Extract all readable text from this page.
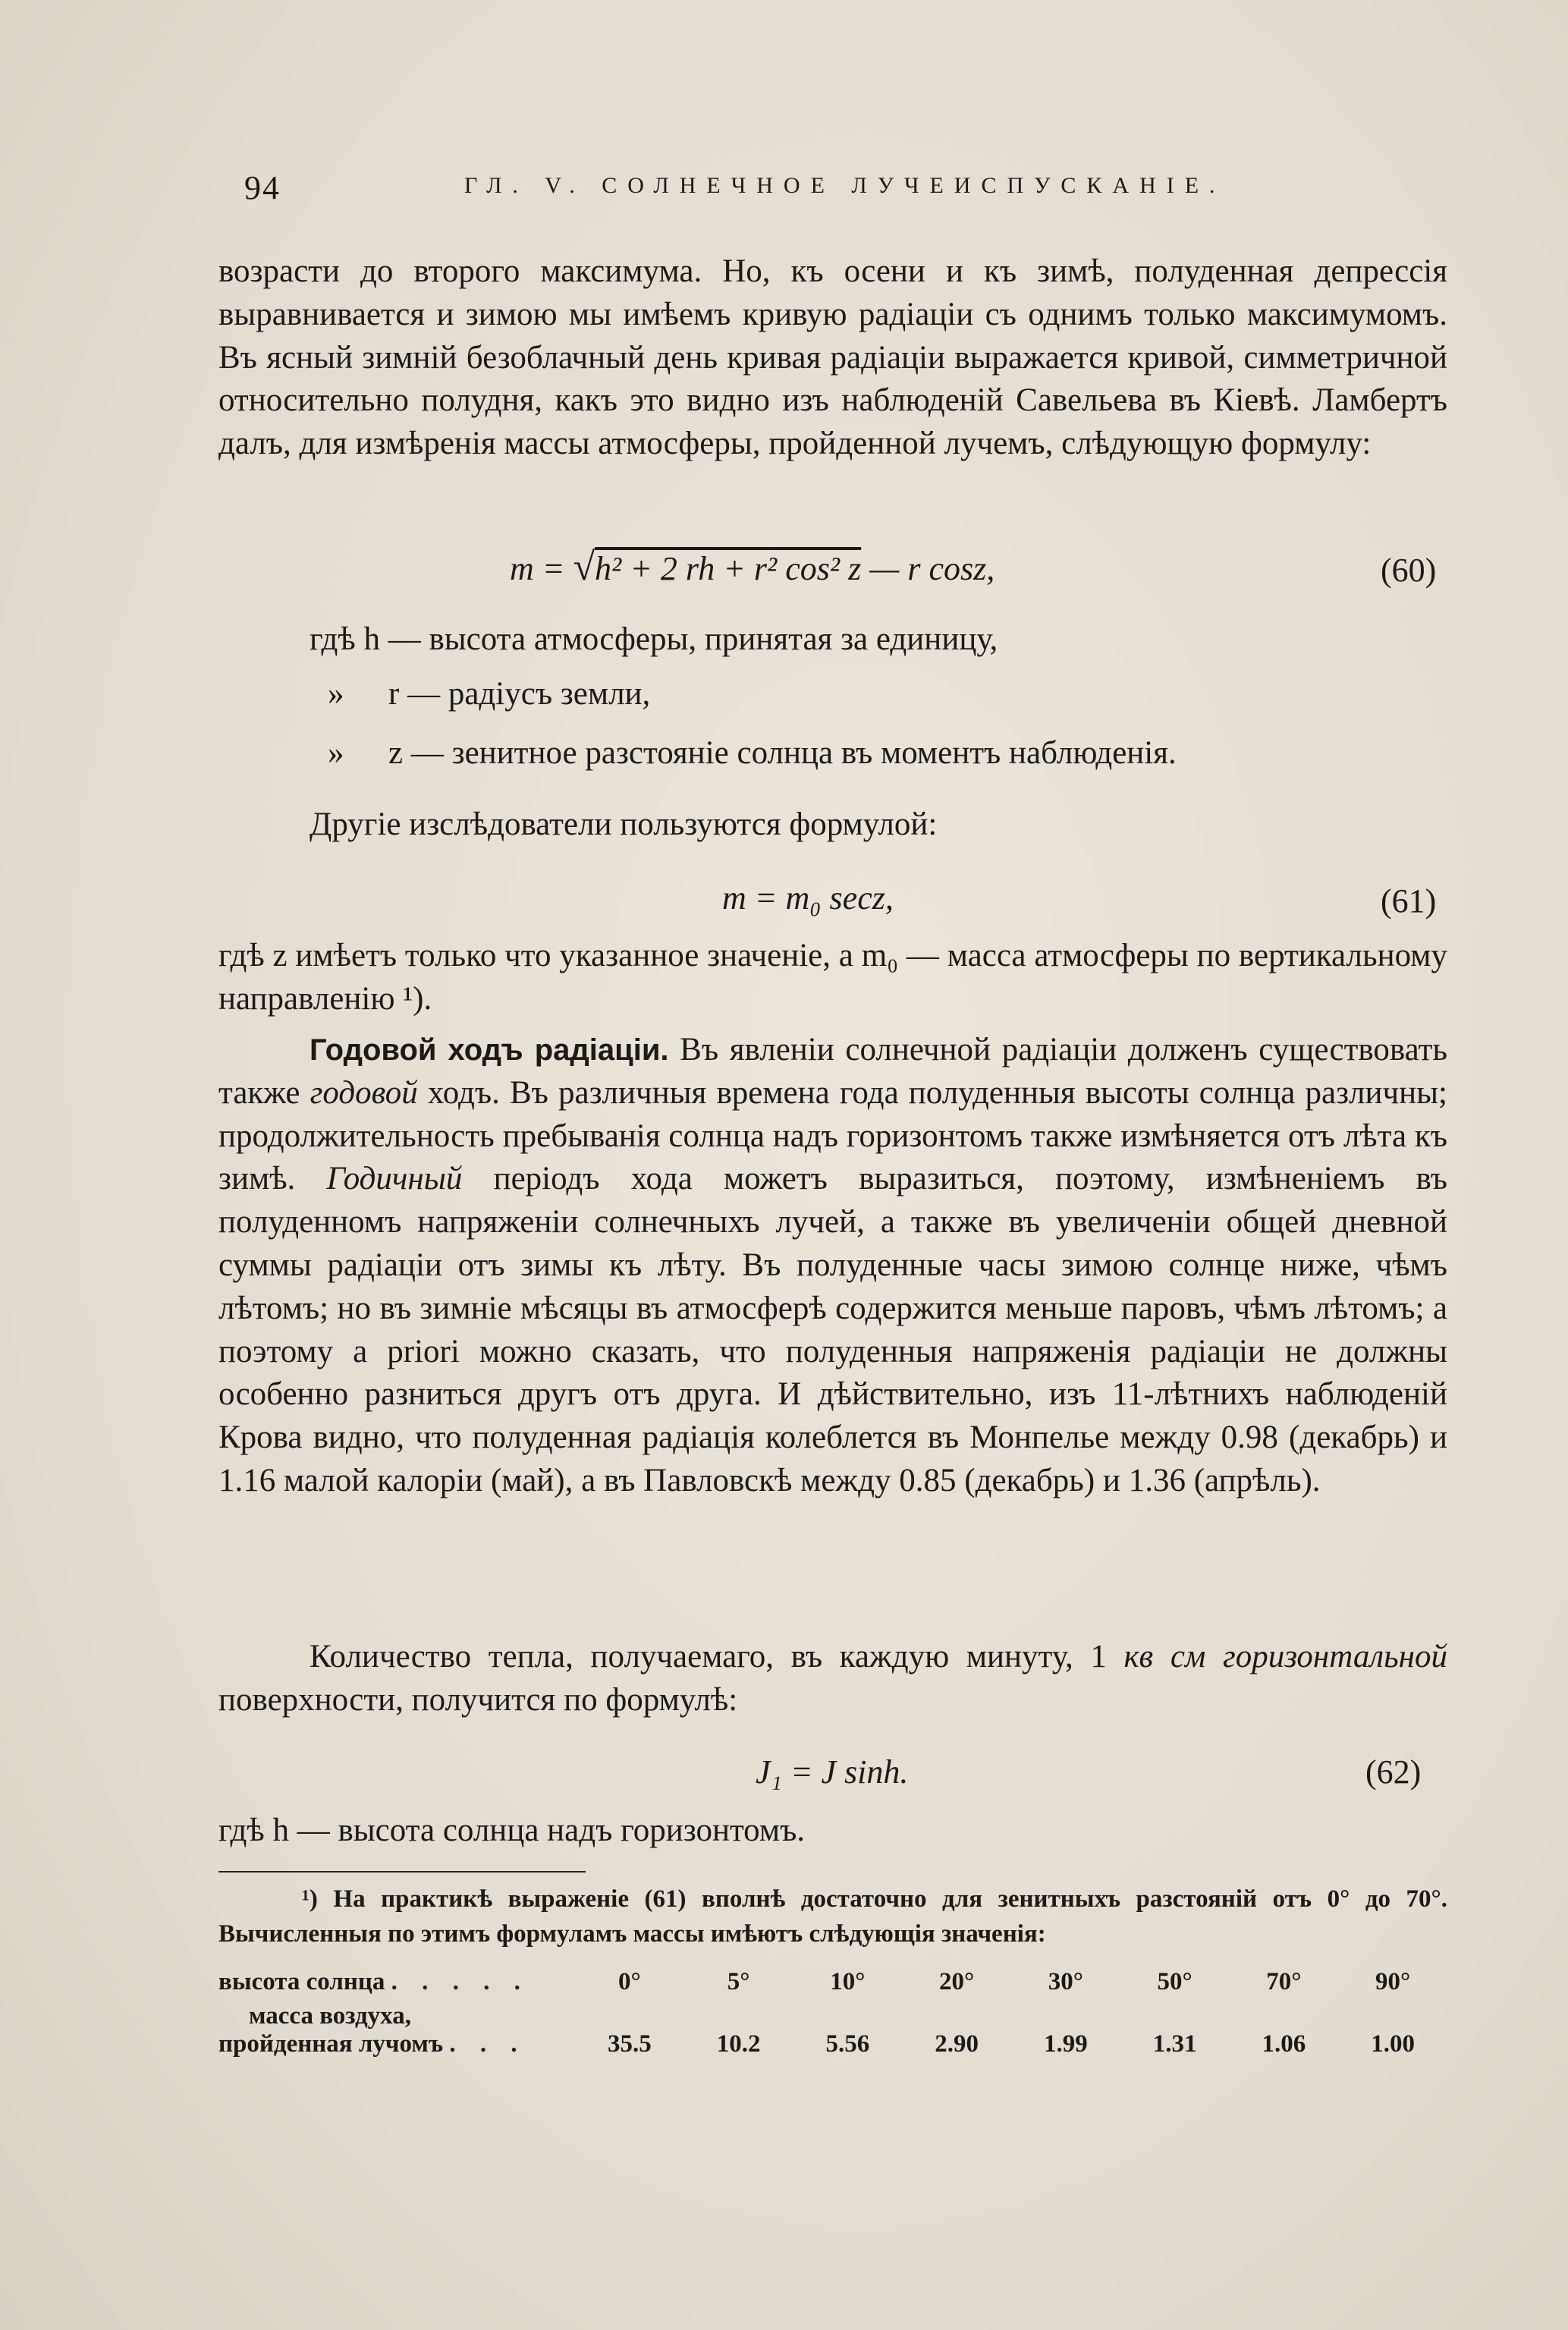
94	ГЛ. V. СОЛНЕЧНОЕ ЛУЧЕИСПУСКАНІЕ.

возрасти до второго максимума. Но, къ осени и къ зимѣ, полуденная депрессія выравнивается и зимою мы имѣемъ кривую радіаціи съ однимъ только максимумомъ. Въ ясный зимній безоблачный день кривая радіаціи выражается кривой, симметричной относительно полудня, какъ это видно изъ наблюденій Савельева въ Кіевѣ. Ламбертъ далъ, для измѣренія массы атмосферы, пройденной лучемъ, слѣдующую формулу:

m = √h² + 2 rh + r² cos² z — r cosz,	(60)
гдѣ h — высота атмосферы, принятая за единицу,
» r — радіусъ земли,
» z — зенитное разстояніе солнца въ моментъ наблюденія.
Другіе изслѣдователи пользуются формулой:
m = m₀ secz,	(61)

гдѣ z имѣетъ только что указанное значеніе, а m₀ — масса атмосферы по вертикальному направленію ¹).

Годовой ходъ радіаціи. Въ явленіи солнечной радіаціи долженъ существовать также годовой ходъ. Въ различныя времена года полуденныя высоты солнца различны; продолжительность пребыванія солнца надъ горизонтомъ также измѣняется отъ лѣта къ зимѣ. Годичный періодъ хода можетъ выразиться, поэтому, измѣненіемъ въ полуденномъ напряженіи солнечныхъ лучей, а также въ увеличеніи общей дневной суммы радіаціи отъ зимы къ лѣту. Въ полуденные часы зимою солнце ниже, чѣмъ лѣтомъ; но въ зимніе мѣсяцы въ атмосферѣ содержится меньше паровъ, чѣмъ лѣтомъ; а поэтому а priori можно сказать, что полуденныя напряженія радіаціи не должны особенно разниться другъ отъ друга. И дѣйствительно, изъ 11-лѣтнихъ наблюденій Крова видно, что полуденная радіація колеблется въ Монпелье между 0.98 (декабрь) и 1.16 малой калоріи (май), а въ Павловскѣ между 0.85 (декабрь) и 1.36 (апрѣль).

Количество тепла, получаемаго, въ каждую минуту, 1 кв см горизонтальной поверхности, получится по формулѣ:

J₁ = J sinh.	(62)
гдѣ h — высота солнца надъ горизонтомъ.

¹) На практикѣ выраженіе (61) вполнѣ достаточно для зенитныхъ разстояній отъ 0° до 70°. Вычисленныя по этимъ формуламъ массы имѣютъ слѣдующія значенія:

высота солнца . . . . .	0°	5°	10°	20°	30°	50°	70°	90°

масса воздуха,
пройденная лучомъ . . .	35.5	10.2	5.56	2.90	1.99	1.31	1.06	1.00
